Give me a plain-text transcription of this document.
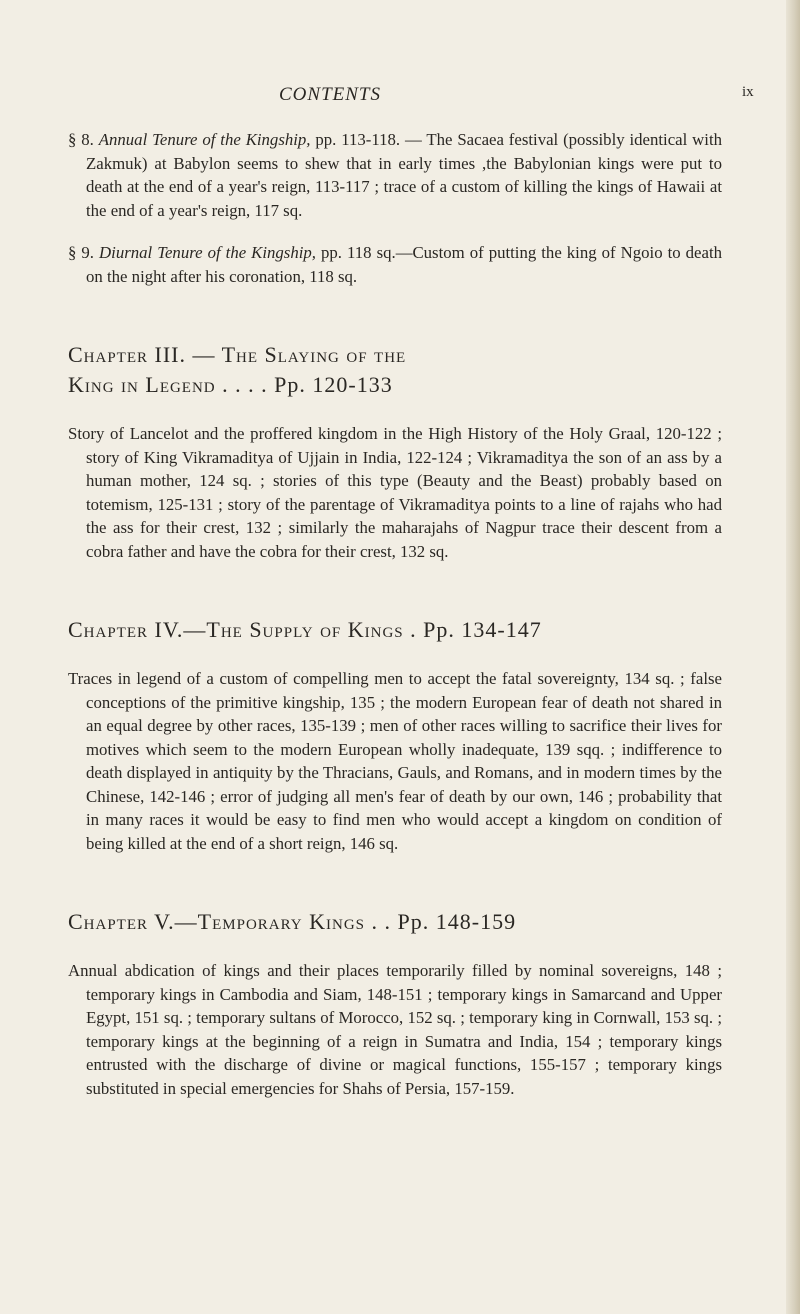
CONTENTS	ix

§ 8. Annual Tenure of the Kingship, pp. 113-118. — The Sacaea festival (possibly identical with Zakmuk) at Babylon seems to shew that in early times ,the Babylonian kings were put to death at the end of a year's reign, 113-117 ; trace of a custom of killing the kings of Hawaii at the end of a year's reign, 117 sq.

§ 9. Diurnal Tenure of the Kingship, pp. 118 sq.—Custom of putting the king of Ngoio to death on the night after his coronation, 118 sq.

Chapter III. — The Slaying of the
King in Legend . . . . Pp. 120-133

Story of Lancelot and the proffered kingdom in the High History of the Holy Graal, 120-122 ; story of King Vikramaditya of Ujjain in India, 122-124 ; Vikramaditya the son of an ass by a human mother, 124 sq. ; stories of this type (Beauty and the Beast) probably based on totemism, 125-131 ; story of the parentage of Vikramaditya points to a line of rajahs who had the ass for their crest, 132 ; similarly the maharajahs of Nagpur trace their descent from a cobra father and have the cobra for their crest, 132 sq.

Chapter IV.—The Supply of Kings . Pp. 134-147

Traces in legend of a custom of compelling men to accept the fatal sovereignty, 134 sq. ; false conceptions of the primitive kingship, 135 ; the modern European fear of death not shared in an equal degree by other races, 135-139 ; men of other races willing to sacrifice their lives for motives which seem to the modern European wholly inadequate, 139 sqq. ; indifference to death displayed in antiquity by the Thracians, Gauls, and Romans, and in modern times by the Chinese, 142-146 ; error of judging all men's fear of death by our own, 146 ; probability that in many races it would be easy to find men who would accept a kingdom on condition of being killed at the end of a short reign, 146 sq.

Chapter V.—Temporary Kings . . Pp. 148-159

Annual abdication of kings and their places temporarily filled by nominal sovereigns, 148 ; temporary kings in Cambodia and Siam, 148-151 ; temporary kings in Samarcand and Upper Egypt, 151 sq. ; temporary sultans of Morocco, 152 sq. ; temporary king in Cornwall, 153 sq. ; temporary kings at the beginning of a reign in Sumatra and India, 154 ; temporary kings entrusted with the discharge of divine or magical functions, 155-157 ; temporary kings substituted in special emergencies for Shahs of Persia, 157-159.
